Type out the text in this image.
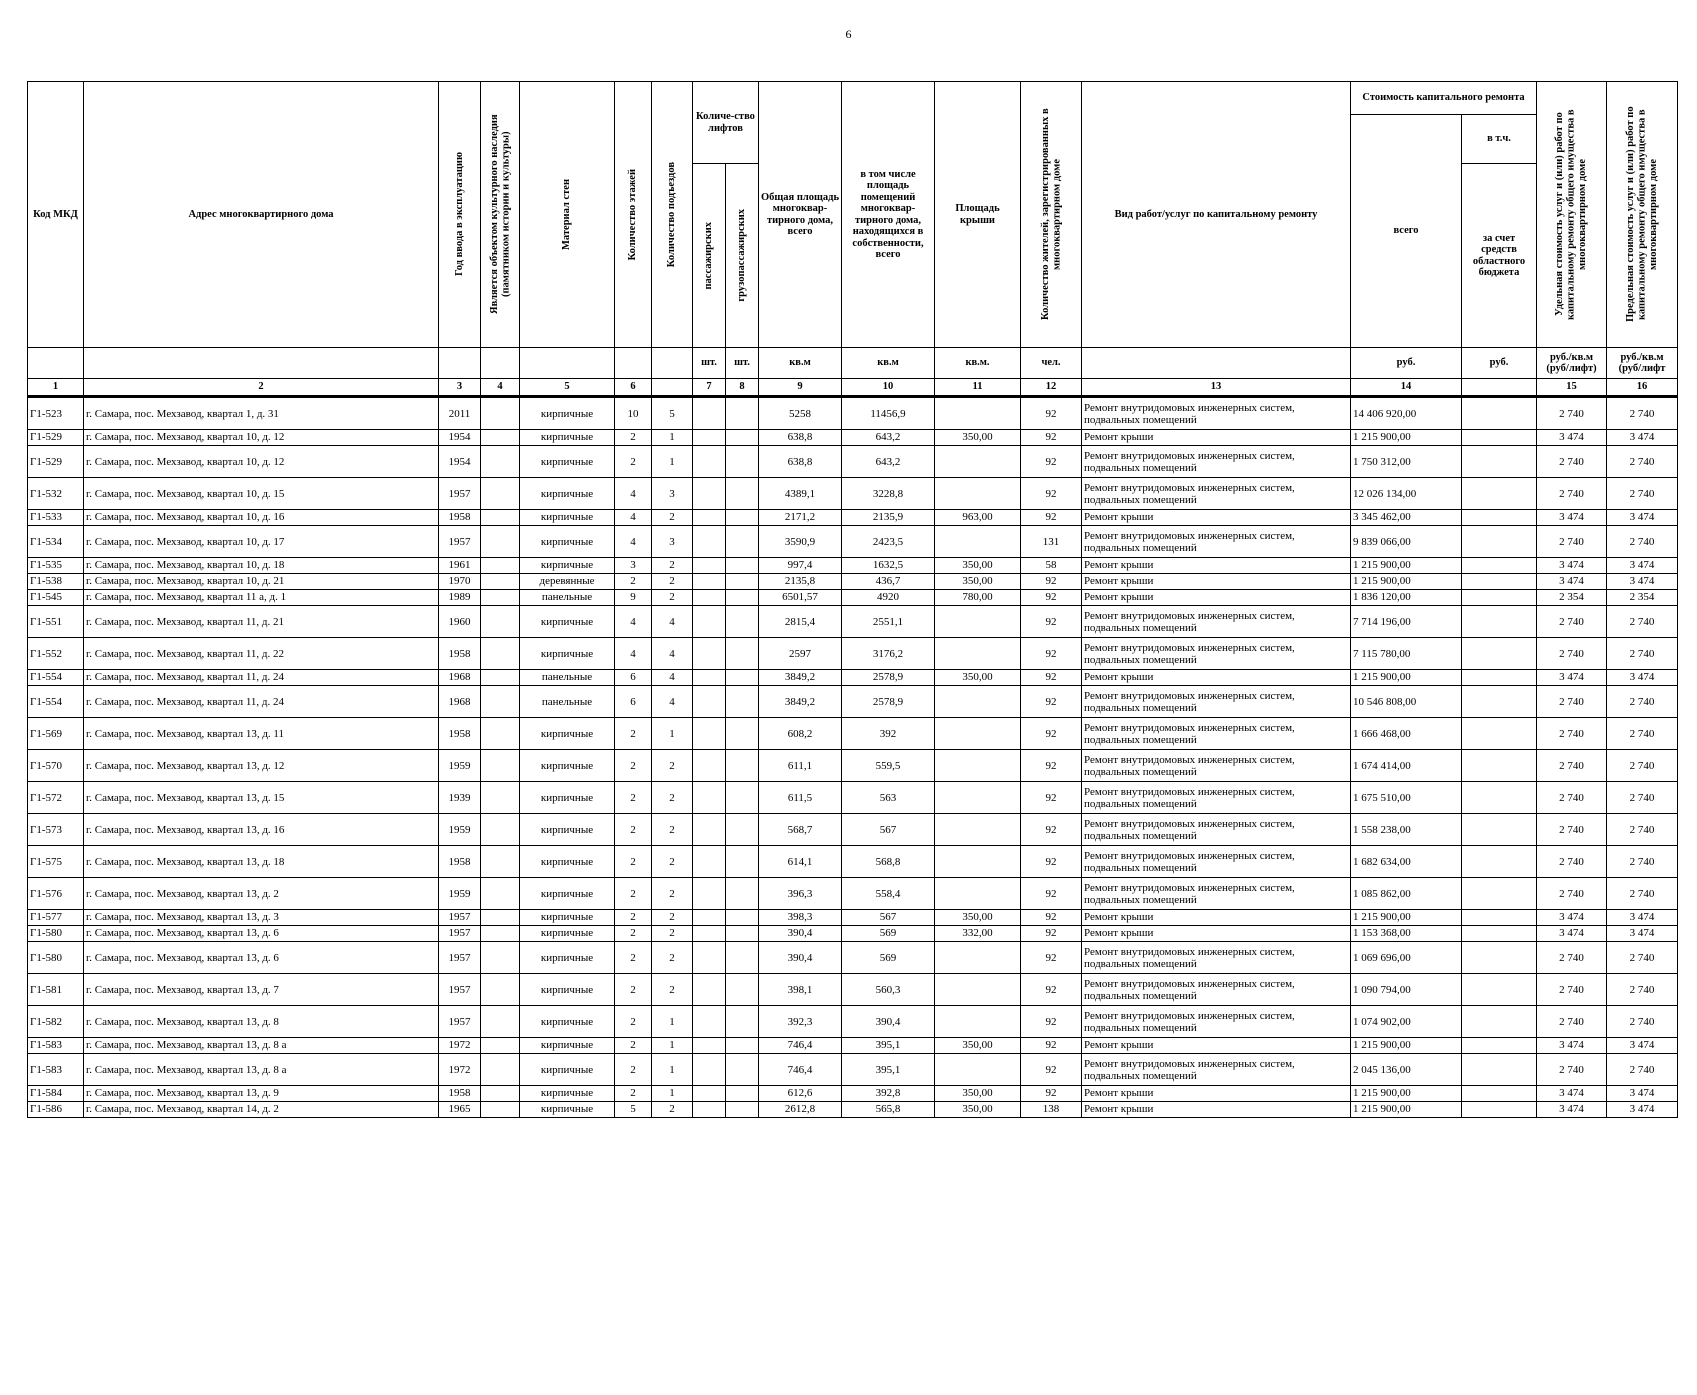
6
Код МКД	Адрес многоквартирного дома	Год ввода в эксплуатацию	Является объектом культурного наследия (памятником истории и культуры)	Материал стен	Количество этажей	Количество подъездов	Количе-ство лифтов		Общая площадь многоквар-тирного дома, всего	в том числе площадь помещений многоквар-тирного дома, находящихся в собственности, всего	Площадь крыши	Количество жителей, зарегистрированных в многоквартирном доме	Вид работ/услуг по капитальному ремонту	Стоимость капитального ремонта		Удельная стоимость услуг и (или) работ по капитальному ремонту общего имущества в многоквартирном доме	Предельная стоимость услуг и (или) работ по капитальному ремонту общего имущества в многоквартирном доме

														всего	в т.ч.		

							пассажирских	грузопассажирских							за счет средств областного бюджета		
							шт.	шт.	кв.м	кв.м	кв.м.	чел.		руб.	руб.	руб./кв.м (руб/лифт)	руб./кв.м (руб/лифт
1	2	3	4	5	6		7	8	9	10	11	12	13	14		15	16
Г1-523	г. Самара, пос. Мехзавод, квартал 1, д. 31	2011		кирпичные	10	5			5258	11456,9		92	Ремонт внутридомовых инженерных систем, подвальных помещений	14 406 920,00		2 740	2 740
Г1-529	г. Самара, пос. Мехзавод, квартал 10, д. 12	1954		кирпичные	2	1			638,8	643,2	350,00	92	Ремонт крыши	1 215 900,00		3 474	3 474
Г1-529	г. Самара, пос. Мехзавод, квартал 10, д. 12	1954		кирпичные	2	1			638,8	643,2		92	Ремонт внутридомовых инженерных систем, подвальных помещений	1 750 312,00		2 740	2 740
Г1-532	г. Самара, пос. Мехзавод, квартал 10, д. 15	1957		кирпичные	4	3			4389,1	3228,8		92	Ремонт внутридомовых инженерных систем, подвальных помещений	12 026 134,00		2 740	2 740
Г1-533	г. Самара, пос. Мехзавод, квартал 10, д. 16	1958		кирпичные	4	2			2171,2	2135,9	963,00	92	Ремонт крыши	3 345 462,00		3 474	3 474
Г1-534	г. Самара, пос. Мехзавод, квартал 10, д. 17	1957		кирпичные	4	3			3590,9	2423,5		131	Ремонт внутридомовых инженерных систем, подвальных помещений	9 839 066,00		2 740	2 740
Г1-535	г. Самара, пос. Мехзавод, квартал 10, д. 18	1961		кирпичные	3	2			997,4	1632,5	350,00	58	Ремонт крыши	1 215 900,00		3 474	3 474
Г1-538	г. Самара, пос. Мехзавод, квартал 10, д. 21	1970		деревянные	2	2			2135,8	436,7	350,00	92	Ремонт крыши	1 215 900,00		3 474	3 474
Г1-545	г. Самара, пос. Мехзавод, квартал 11 а, д. 1	1989		панельные	9	2			6501,57	4920	780,00	92	Ремонт крыши	1 836 120,00		2 354	2 354
Г1-551	г. Самара, пос. Мехзавод, квартал 11, д. 21	1960		кирпичные	4	4			2815,4	2551,1		92	Ремонт внутридомовых инженерных систем, подвальных помещений	7 714 196,00		2 740	2 740
Г1-552	г. Самара, пос. Мехзавод, квартал 11, д. 22	1958		кирпичные	4	4			2597	3176,2		92	Ремонт внутридомовых инженерных систем, подвальных помещений	7 115 780,00		2 740	2 740
Г1-554	г. Самара, пос. Мехзавод, квартал 11, д. 24	1968		панельные	6	4			3849,2	2578,9	350,00	92	Ремонт крыши	1 215 900,00		3 474	3 474
Г1-554	г. Самара, пос. Мехзавод, квартал 11, д. 24	1968		панельные	6	4			3849,2	2578,9		92	Ремонт внутридомовых инженерных систем, подвальных помещений	10 546 808,00		2 740	2 740
Г1-569	г. Самара, пос. Мехзавод, квартал 13, д. 11	1958		кирпичные	2	1			608,2	392		92	Ремонт внутридомовых инженерных систем, подвальных помещений	1 666 468,00		2 740	2 740
Г1-570	г. Самара, пос. Мехзавод, квартал 13, д. 12	1959		кирпичные	2	2			611,1	559,5		92	Ремонт внутридомовых инженерных систем, подвальных помещений	1 674 414,00		2 740	2 740
Г1-572	г. Самара, пос. Мехзавод, квартал 13, д. 15	1939		кирпичные	2	2			611,5	563		92	Ремонт внутридомовых инженерных систем, подвальных помещений	1 675 510,00		2 740	2 740
Г1-573	г. Самара, пос. Мехзавод, квартал 13, д. 16	1959		кирпичные	2	2			568,7	567		92	Ремонт внутридомовых инженерных систем, подвальных помещений	1 558 238,00		2 740	2 740
Г1-575	г. Самара, пос. Мехзавод, квартал 13, д. 18	1958		кирпичные	2	2			614,1	568,8		92	Ремонт внутридомовых инженерных систем, подвальных помещений	1 682 634,00		2 740	2 740
Г1-576	г. Самара, пос. Мехзавод, квартал 13, д. 2	1959		кирпичные	2	2			396,3	558,4		92	Ремонт внутридомовых инженерных систем, подвальных помещений	1 085 862,00		2 740	2 740
Г1-577	г. Самара, пос. Мехзавод, квартал 13, д. 3	1957		кирпичные	2	2			398,3	567	350,00	92	Ремонт крыши	1 215 900,00		3 474	3 474
Г1-580	г. Самара, пос. Мехзавод, квартал 13, д. 6	1957		кирпичные	2	2			390,4	569	332,00	92	Ремонт крыши	1 153 368,00		3 474	3 474
Г1-580	г. Самара, пос. Мехзавод, квартал 13, д. 6	1957		кирпичные	2	2			390,4	569		92	Ремонт внутридомовых инженерных систем, подвальных помещений	1 069 696,00		2 740	2 740
Г1-581	г. Самара, пос. Мехзавод, квартал 13, д. 7	1957		кирпичные	2	2			398,1	560,3		92	Ремонт внутридомовых инженерных систем, подвальных помещений	1 090 794,00		2 740	2 740
Г1-582	г. Самара, пос. Мехзавод, квартал 13, д. 8	1957		кирпичные	2	1			392,3	390,4		92	Ремонт внутридомовых инженерных систем, подвальных помещений	1 074 902,00		2 740	2 740
Г1-583	г. Самара, пос. Мехзавод, квартал 13, д. 8 а	1972		кирпичные	2	1			746,4	395,1	350,00	92	Ремонт крыши	1 215 900,00		3 474	3 474
Г1-583	г. Самара, пос. Мехзавод, квартал 13, д. 8 а	1972		кирпичные	2	1			746,4	395,1		92	Ремонт внутридомовых инженерных систем, подвальных помещений	2 045 136,00		2 740	2 740
Г1-584	г. Самара, пос. Мехзавод, квартал 13, д. 9	1958		кирпичные	2	1			612,6	392,8	350,00	92	Ремонт крыши	1 215 900,00		3 474	3 474
Г1-586	г. Самара, пос. Мехзавод, квартал 14, д. 2	1965		кирпичные	5	2			2612,8	565,8	350,00	138	Ремонт крыши	1 215 900,00		3 474	3 474
